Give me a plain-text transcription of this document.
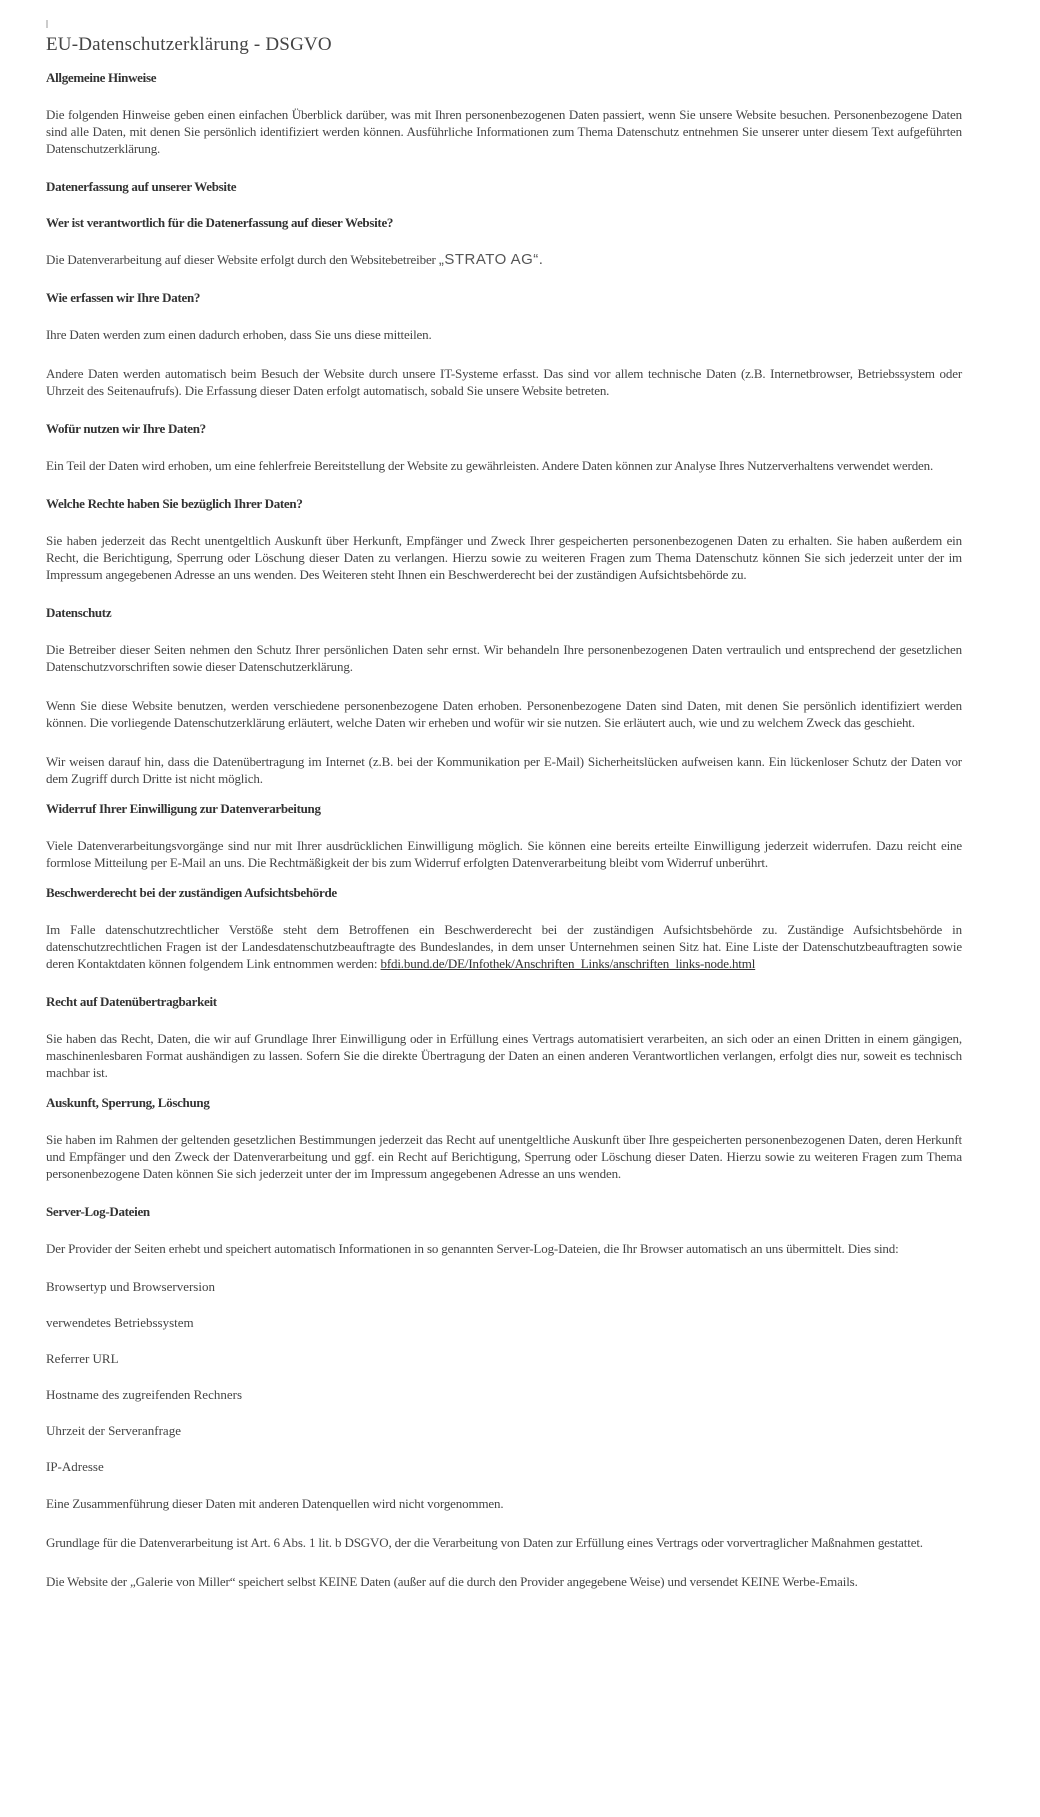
EU-Datenschutzerklärung - DSGVO
Allgemeine Hinweise

Die folgenden Hinweise geben einen einfachen Überblick darüber, was mit Ihren personenbezogenen Daten passiert, wenn Sie unsere Website besuchen. Personenbezogene Daten sind alle Daten, mit denen Sie persönlich identifiziert werden können. Ausführliche Informationen zum Thema Datenschutz entnehmen Sie unserer unter diesem Text aufgeführten Datenschutzerklärung.

Datenerfassung auf unserer Website
Wer ist verantwortlich für die Datenerfassung auf dieser Website?

Die Datenverarbeitung auf dieser Website erfolgt durch den Websitebetreiber „STRATO AG“.

Wie erfassen wir Ihre Daten?

Ihre Daten werden zum einen dadurch erhoben, dass Sie uns diese mitteilen.

Andere Daten werden automatisch beim Besuch der Website durch unsere IT-Systeme erfasst. Das sind vor allem technische Daten (z.B. Internetbrowser, Betriebssystem oder Uhrzeit des Seitenaufrufs). Die Erfassung dieser Daten erfolgt automatisch, sobald Sie unsere Website betreten.

Wofür nutzen wir Ihre Daten?

Ein Teil der Daten wird erhoben, um eine fehlerfreie Bereitstellung der Website zu gewährleisten. Andere Daten können zur Analyse Ihres Nutzerverhaltens verwendet werden.

Welche Rechte haben Sie bezüglich Ihrer Daten?

Sie haben jederzeit das Recht unentgeltlich Auskunft über Herkunft, Empfänger und Zweck Ihrer gespeicherten personenbezogenen Daten zu erhalten. Sie haben außerdem ein Recht, die Berichtigung, Sperrung oder Löschung dieser Daten zu verlangen. Hierzu sowie zu weiteren Fragen zum Thema Datenschutz können Sie sich jederzeit unter der im Impressum angegebenen Adresse an uns wenden. Des Weiteren steht Ihnen ein Beschwerderecht bei der zuständigen Aufsichtsbehörde zu.

Datenschutz

Die Betreiber dieser Seiten nehmen den Schutz Ihrer persönlichen Daten sehr ernst. Wir behandeln Ihre personenbezogenen Daten vertraulich und entsprechend der gesetzlichen Datenschutzvorschriften sowie dieser Datenschutzerklärung.

Wenn Sie diese Website benutzen, werden verschiedene personenbezogene Daten erhoben. Personenbezogene Daten sind Daten, mit denen Sie persönlich identifiziert werden können. Die vorliegende Datenschutzerklärung erläutert, welche Daten wir erheben und wofür wir sie nutzen. Sie erläutert auch, wie und zu welchem Zweck das geschieht.

Wir weisen darauf hin, dass die Datenübertragung im Internet (z.B. bei der Kommunikation per E-Mail) Sicherheitslücken aufweisen kann. Ein lückenloser Schutz der Daten vor dem Zugriff durch Dritte ist nicht möglich.

Widerruf Ihrer Einwilligung zur Datenverarbeitung

Viele Datenverarbeitungsvorgänge sind nur mit Ihrer ausdrücklichen Einwilligung möglich. Sie können eine bereits erteilte Einwilligung jederzeit widerrufen. Dazu reicht eine formlose Mitteilung per E-Mail an uns. Die Rechtmäßigkeit der bis zum Widerruf erfolgten Datenverarbeitung bleibt vom Widerruf unberührt.

Beschwerderecht bei der zuständigen Aufsichtsbehörde

Im Falle datenschutzrechtlicher Verstöße steht dem Betroffenen ein Beschwerderecht bei der zuständigen Aufsichtsbehörde zu. Zuständige Aufsichtsbehörde in datenschutzrechtlichen Fragen ist der Landesdatenschutzbeauftragte des Bundeslandes, in dem unser Unternehmen seinen Sitz hat. Eine Liste der Datenschutzbeauftragten sowie deren Kontaktdaten können folgendem Link entnommen werden: bfdi.bund.de/DE/Infothek/Anschriften_Links/anschriften_links-node.html

Recht auf Datenübertragbarkeit

Sie haben das Recht, Daten, die wir auf Grundlage Ihrer Einwilligung oder in Erfüllung eines Vertrags automatisiert verarbeiten, an sich oder an einen Dritten in einem gängigen, maschinenlesbaren Format aushändigen zu lassen. Sofern Sie die direkte Übertragung der Daten an einen anderen Verantwortlichen verlangen, erfolgt dies nur, soweit es technisch machbar ist.

Auskunft, Sperrung, Löschung

Sie haben im Rahmen der geltenden gesetzlichen Bestimmungen jederzeit das Recht auf unentgeltliche Auskunft über Ihre gespeicherten personenbezogenen Daten, deren Herkunft und Empfänger und den Zweck der Datenverarbeitung und ggf. ein Recht auf Berichtigung, Sperrung oder Löschung dieser Daten. Hierzu sowie zu weiteren Fragen zum Thema personenbezogene Daten können Sie sich jederzeit unter der im Impressum angegebenen Adresse an uns wenden.

Server-Log-Dateien

Der Provider der Seiten erhebt und speichert automatisch Informationen in so genannten Server-Log-Dateien, die Ihr Browser automatisch an uns übermittelt. Dies sind:

Browsertyp und Browserversion
verwendetes Betriebssystem
Referrer URL
Hostname des zugreifenden Rechners
Uhrzeit der Serveranfrage
IP-Adresse

Eine Zusammenführung dieser Daten mit anderen Datenquellen wird nicht vorgenommen.

Grundlage für die Datenverarbeitung ist Art. 6 Abs. 1 lit. b DSGVO, der die Verarbeitung von Daten zur Erfüllung eines Vertrags oder vorvertraglicher Maßnahmen gestattet.

Die Website der „Galerie von Miller“ speichert selbst KEINE Daten (außer auf die durch den Provider angegebene Weise) und versendet KEINE Werbe-Emails.
